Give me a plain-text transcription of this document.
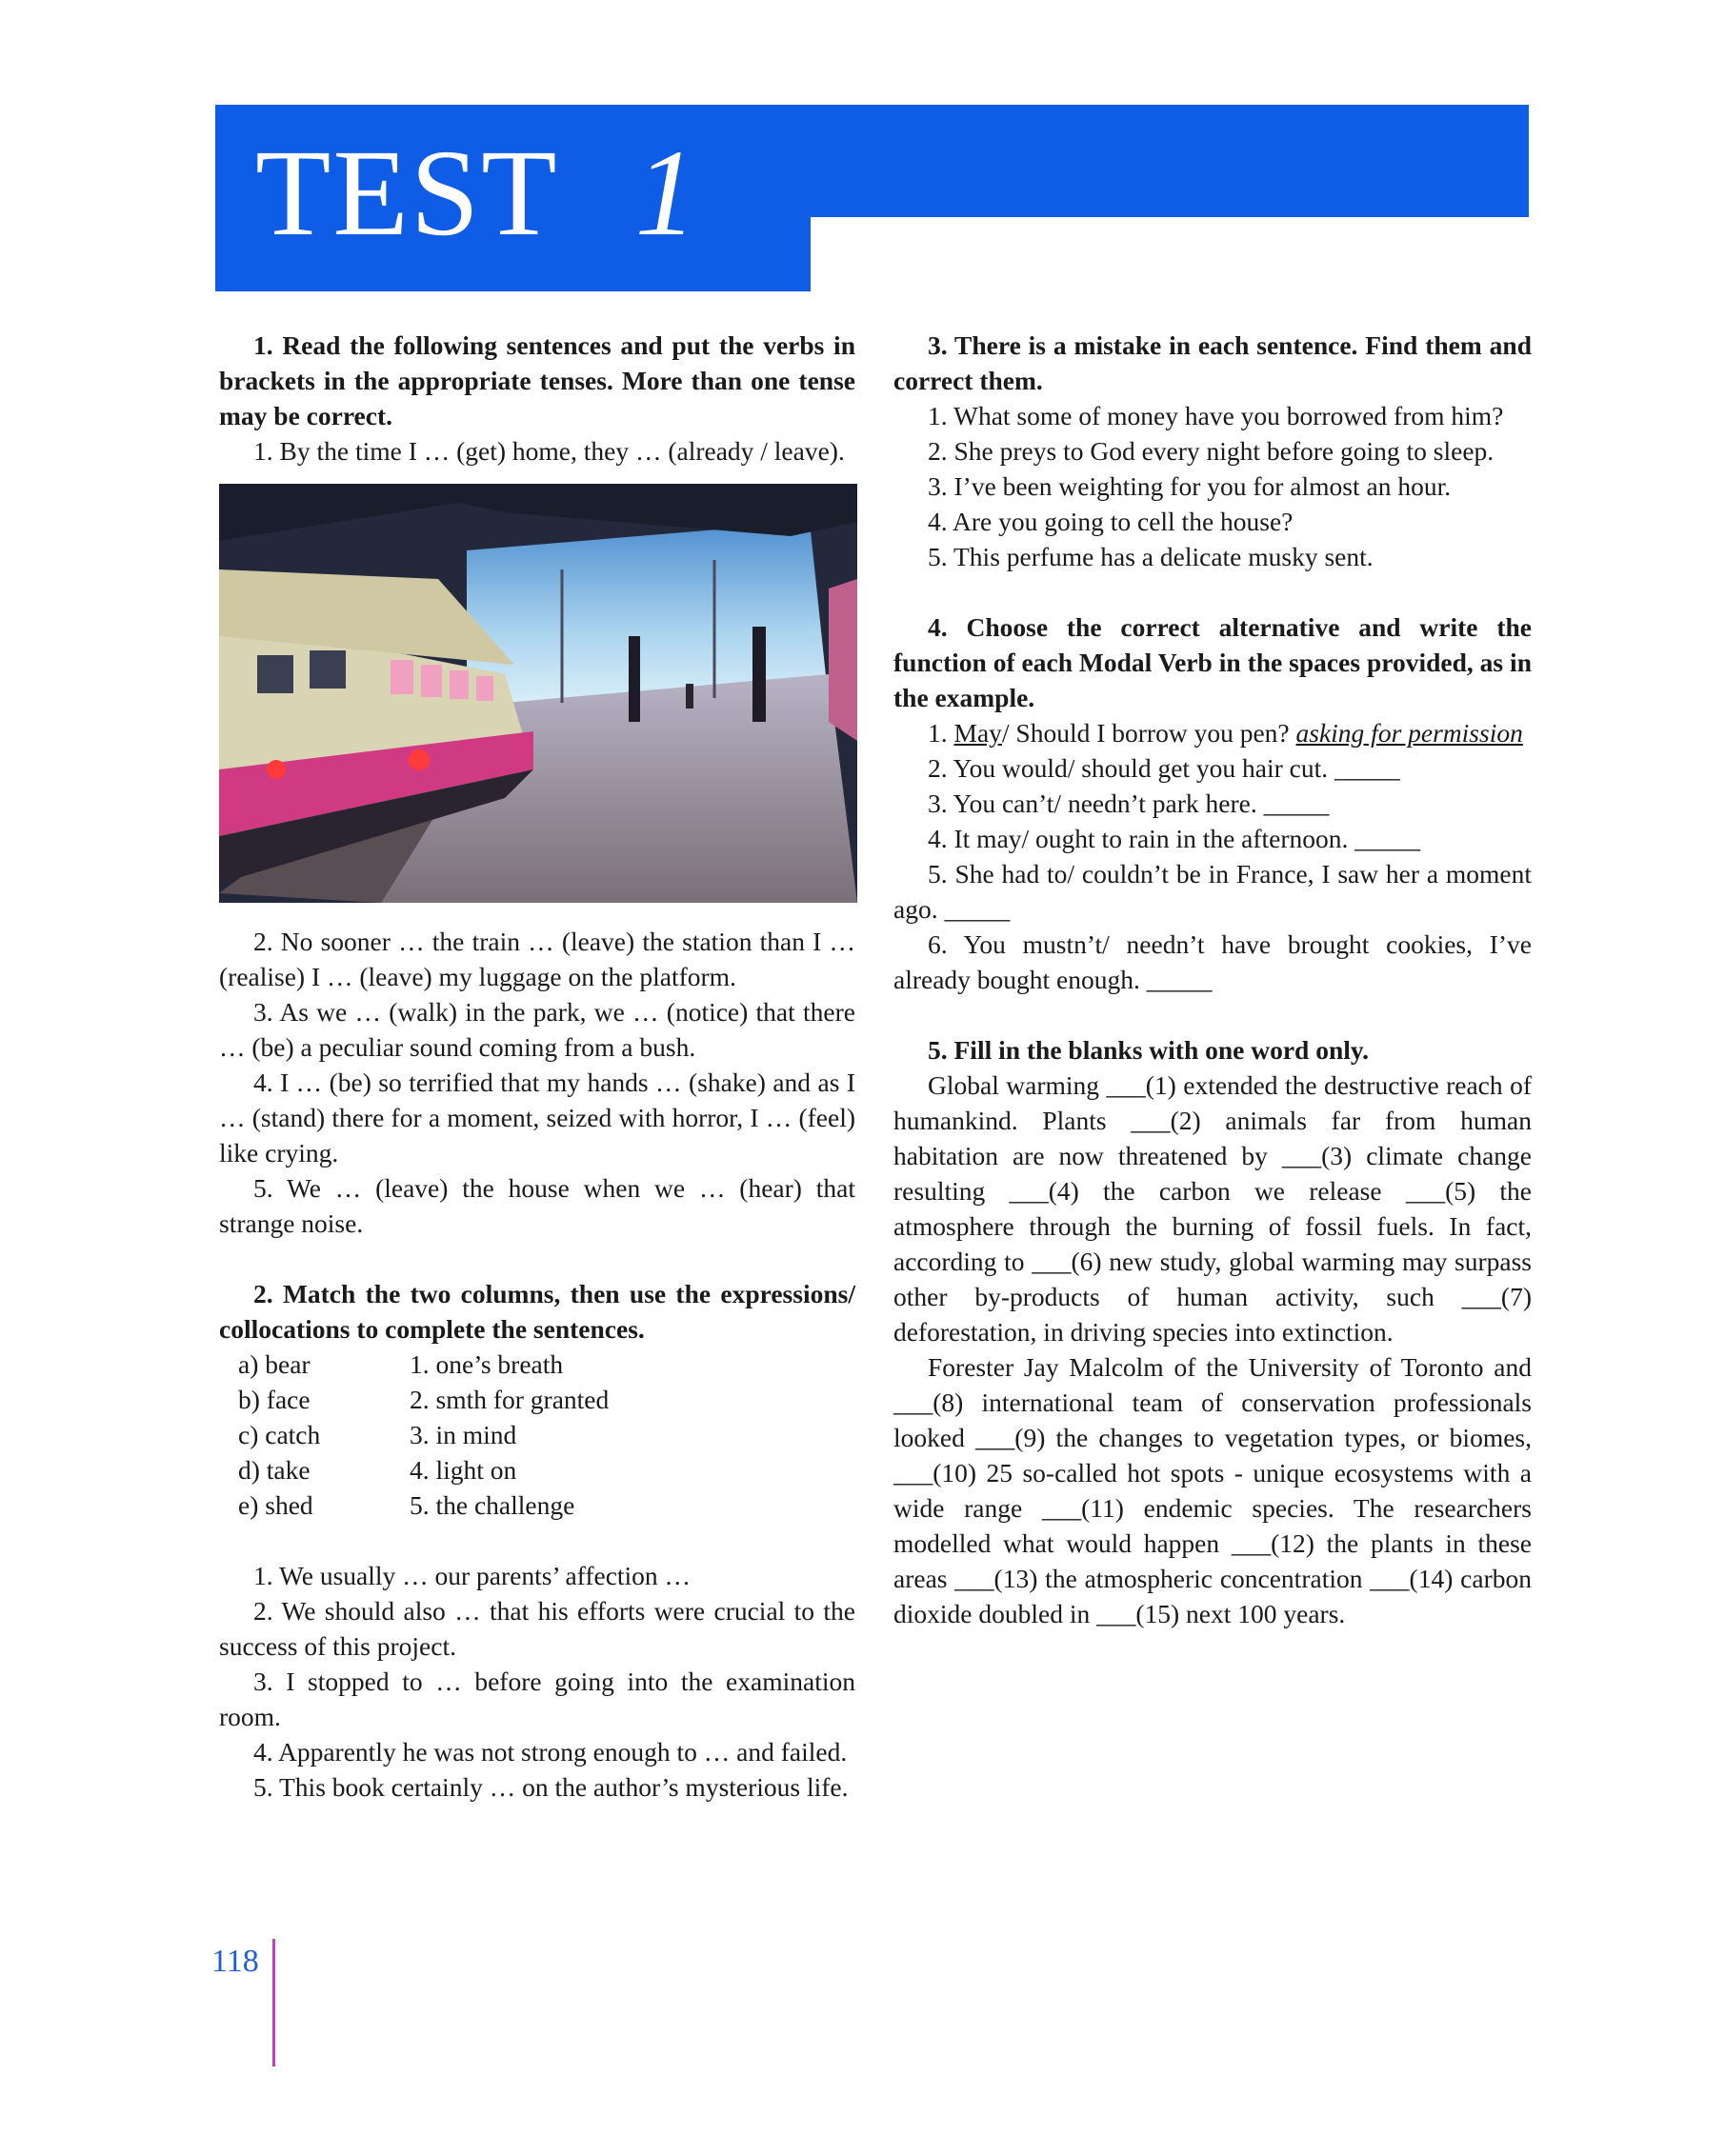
TEST 1

1. Read the following sentences and put the verbs in brackets in the appropriate tenses. More than one tense may be correct.

1. By the time I … (get) home, they … (already / leave).

2. No sooner … the train … (leave) the station than I … (realise) I … (leave) my luggage on the platform.

3. As we … (walk) in the park, we … (notice) that there … (be) a peculiar sound coming from a bush.

4. I … (be) so terrified that my hands … (shake) and as I … (stand) there for a moment, seized with horror, I … (feel) like crying.

5. We … (leave) the house when we … (hear) that strange noise.

2. Match the two columns, then use the expressions/ collocations to complete the sentences.

a) bear	1. one’s breath
b) face	2. smth for granted
c) catch	3. in mind
d) take	4. light on
e) shed	5. the challenge

1. We usually … our parents’ affection …

2. We should also … that his efforts were crucial to the success of this project.

3. I stopped to … before going into the examination room.

4. Apparently he was not strong enough to … and failed.

5. This book certainly … on the author’s mysterious life.

3. There is a mistake in each sentence. Find them and correct them.

1. What some of money have you borrowed from him?

2. She preys to God every night before going to sleep.

3. I’ve been weighting for you for almost an hour.

4. Are you going to cell the house?

5. This perfume has a delicate musky sent.

4. Choose the correct alternative and write the function of each Modal Verb in the spaces provided, as in the example.

1. May/ Should I borrow you pen? asking for permission

2. You would/ should get you hair cut. _____

3. You can’t/ needn’t park here. _____

4. It may/ ought to rain in the afternoon. _____

5. She had to/ couldn’t be in France, I saw her a moment ago. _____

6. You mustn’t/ needn’t have brought cookies, I’ve already bought enough. _____

5. Fill in the blanks with one word only.

Global warming ___(1) extended the destructive reach of humankind. Plants ___(2) animals far from human habitation are now threatened by ___(3) climate change resulting ___(4) the carbon we release ___(5) the atmosphere through the burning of fossil fuels. In fact, according to ___(6) new study, global warming may surpass other by-products of human activity, such ___(7) deforestation, in driving species into extinction.

Forester Jay Malcolm of the University of Toronto and ___(8) international team of conservation professionals looked ___(9) the changes to vegetation types, or biomes, ___(10) 25 so-called hot spots - unique ecosystems with a wide range ___(11) endemic species. The researchers modelled what would happen ___(12) the plants in these areas ___(13) the atmospheric concentration ___(14) carbon dioxide doubled in ___(15) next 100 years.

118
